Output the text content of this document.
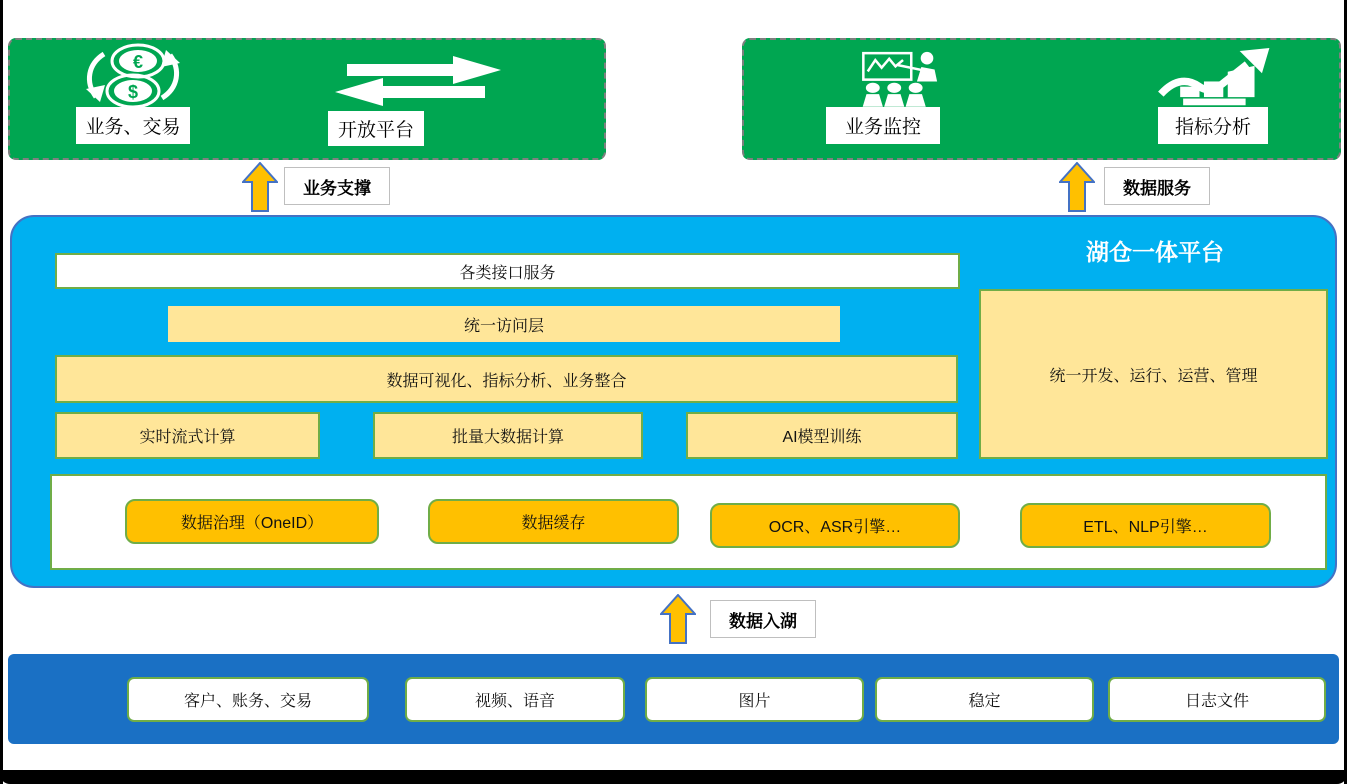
€
$
业务、交易	开放平台	业务监控	指标分析
业务支撑	数据服务
湖仓一体平台
各类接口服务
统一访问层
数据可视化、指标分析、业务整合
实时流式计算	批量大数据计算	AI模型训练
统一开发、运行、运营、管理
数据治理（OneID）	数据缓存	OCR、ASR引擎…	ETL、NLP引擎…
数据入湖
客户、账务、交易	视频、语音	图片	稳定	日志文件
